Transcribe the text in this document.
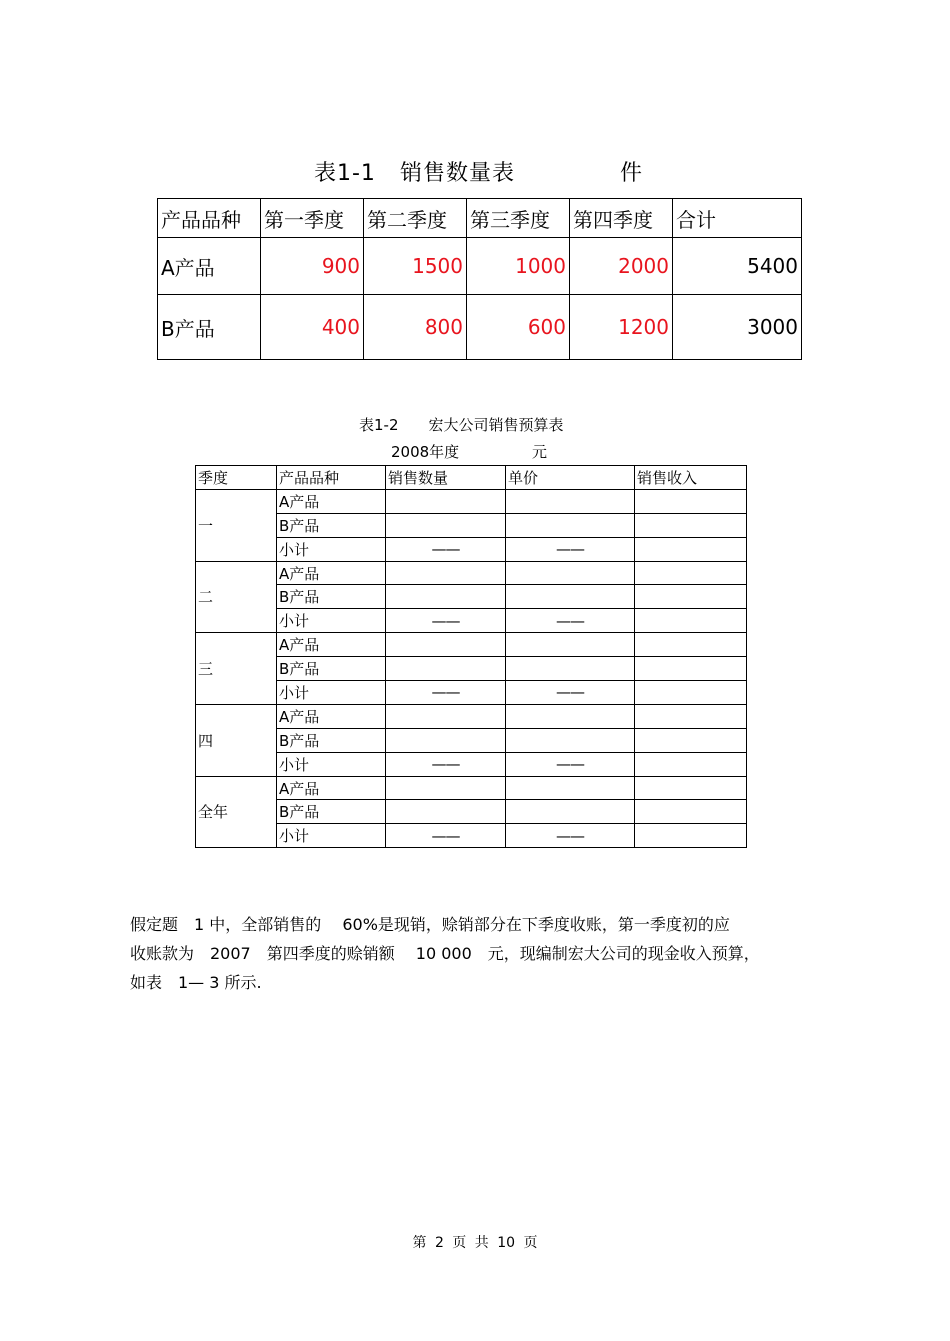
表1-1 销售数量表	件
产品品种	第一季度	第二季度	第三季度	第四季度	合计
A产品	900	1500	1000	2000	5400
B产品	400	800	600	1200	3000
表1-2 宏大公司销售预算表
2008年度	元
季度	产品品种	销售数量	单价	销售收入
一	A产品			
	B产品			
	小计	——	——	
二	A产品			
	B产品			
	小计	——	——	
三	A产品			
	B产品			
	小计	——	——	
四	A产品			
	B产品			
	小计	——	——	
全年	A产品			
	B产品			
	小计	——	——	
假定题　1 中，全部销售的　 60%是现销，赊销部分在下季度收账，第一季度初的应
收账款为　2007　第四季度的赊销额　 10 000　元，现编制宏大公司的现金收入预算，
如表　1— 3 所示.
第 2 页 共 10 页
